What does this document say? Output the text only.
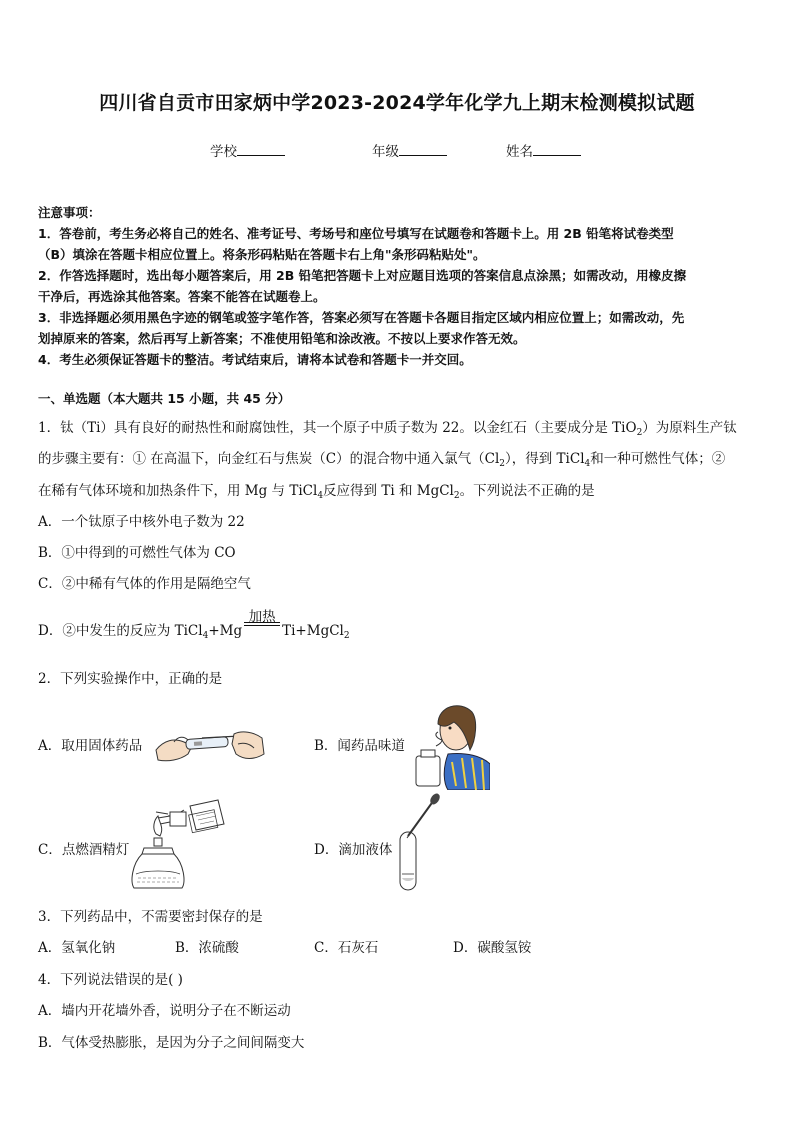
四川省自贡市田家炳中学2023-2024学年化学九上期末检测模拟试题
学校	年级	姓名
注意事项：
1．答卷前，考生务必将自己的姓名、准考证号、考场号和座位号填写在试题卷和答题卡上。用 2B 铅笔将试卷类型
（B）填涂在答题卡相应位置上。将条形码粘贴在答题卡右上角"条形码粘贴处"。
2．作答选择题时，选出每小题答案后，用 2B 铅笔把答题卡上对应题目选项的答案信息点涂黑；如需改动，用橡皮擦
干净后，再选涂其他答案。答案不能答在试题卷上。
3．非选择题必须用黑色字迹的钢笔或签字笔作答，答案必须写在答题卡各题目指定区域内相应位置上；如需改动，先
划掉原来的答案，然后再写上新答案；不准使用铅笔和涂改液。不按以上要求作答无效。
4．考生必须保证答题卡的整洁。考试结束后，请将本试卷和答题卡一并交回。
一、单选题（本大题共 15 小题，共 45 分）
1．钛（Ti）具有良好的耐热性和耐腐蚀性，其一个原子中质子数为 22。以金红石（主要成分是 TiO$_2$）为原料生产钛
的步骤主要有：① 在高温下，向金红石与焦炭（C）的混合物中通入氯气$(Cl_2)$，得到 TiCl$_4$和一种可燃性气体；②
在稀有气体环境和加热条件下，用 Mg 与 TiCl$_4$反应得到 Ti 和 MgCl$_2$。下列说法不正确的是
A．一个钛原子中核外电子数为 22
B．①中得到的可燃性气体为 CO
C．②中稀有气体的作用是隔绝空气
D．②中发生的反应为 TiCl$_4$+Mg
加热
Ti+MgCl$_2$
2．下列实验操作中，正确的是
A．取用固体药品	B．闻药品味道
C．点燃酒精灯	D．滴加液体
3．下列药品中，不需要密封保存的是
A．氢氧化钠	B．浓硫酸	C．石灰石	D．碳酸氢铵
4．下列说法错误的是( )
A．墙内开花墙外香，说明分子在不断运动
B．气体受热膨胀，是因为分子之间间隔变大
